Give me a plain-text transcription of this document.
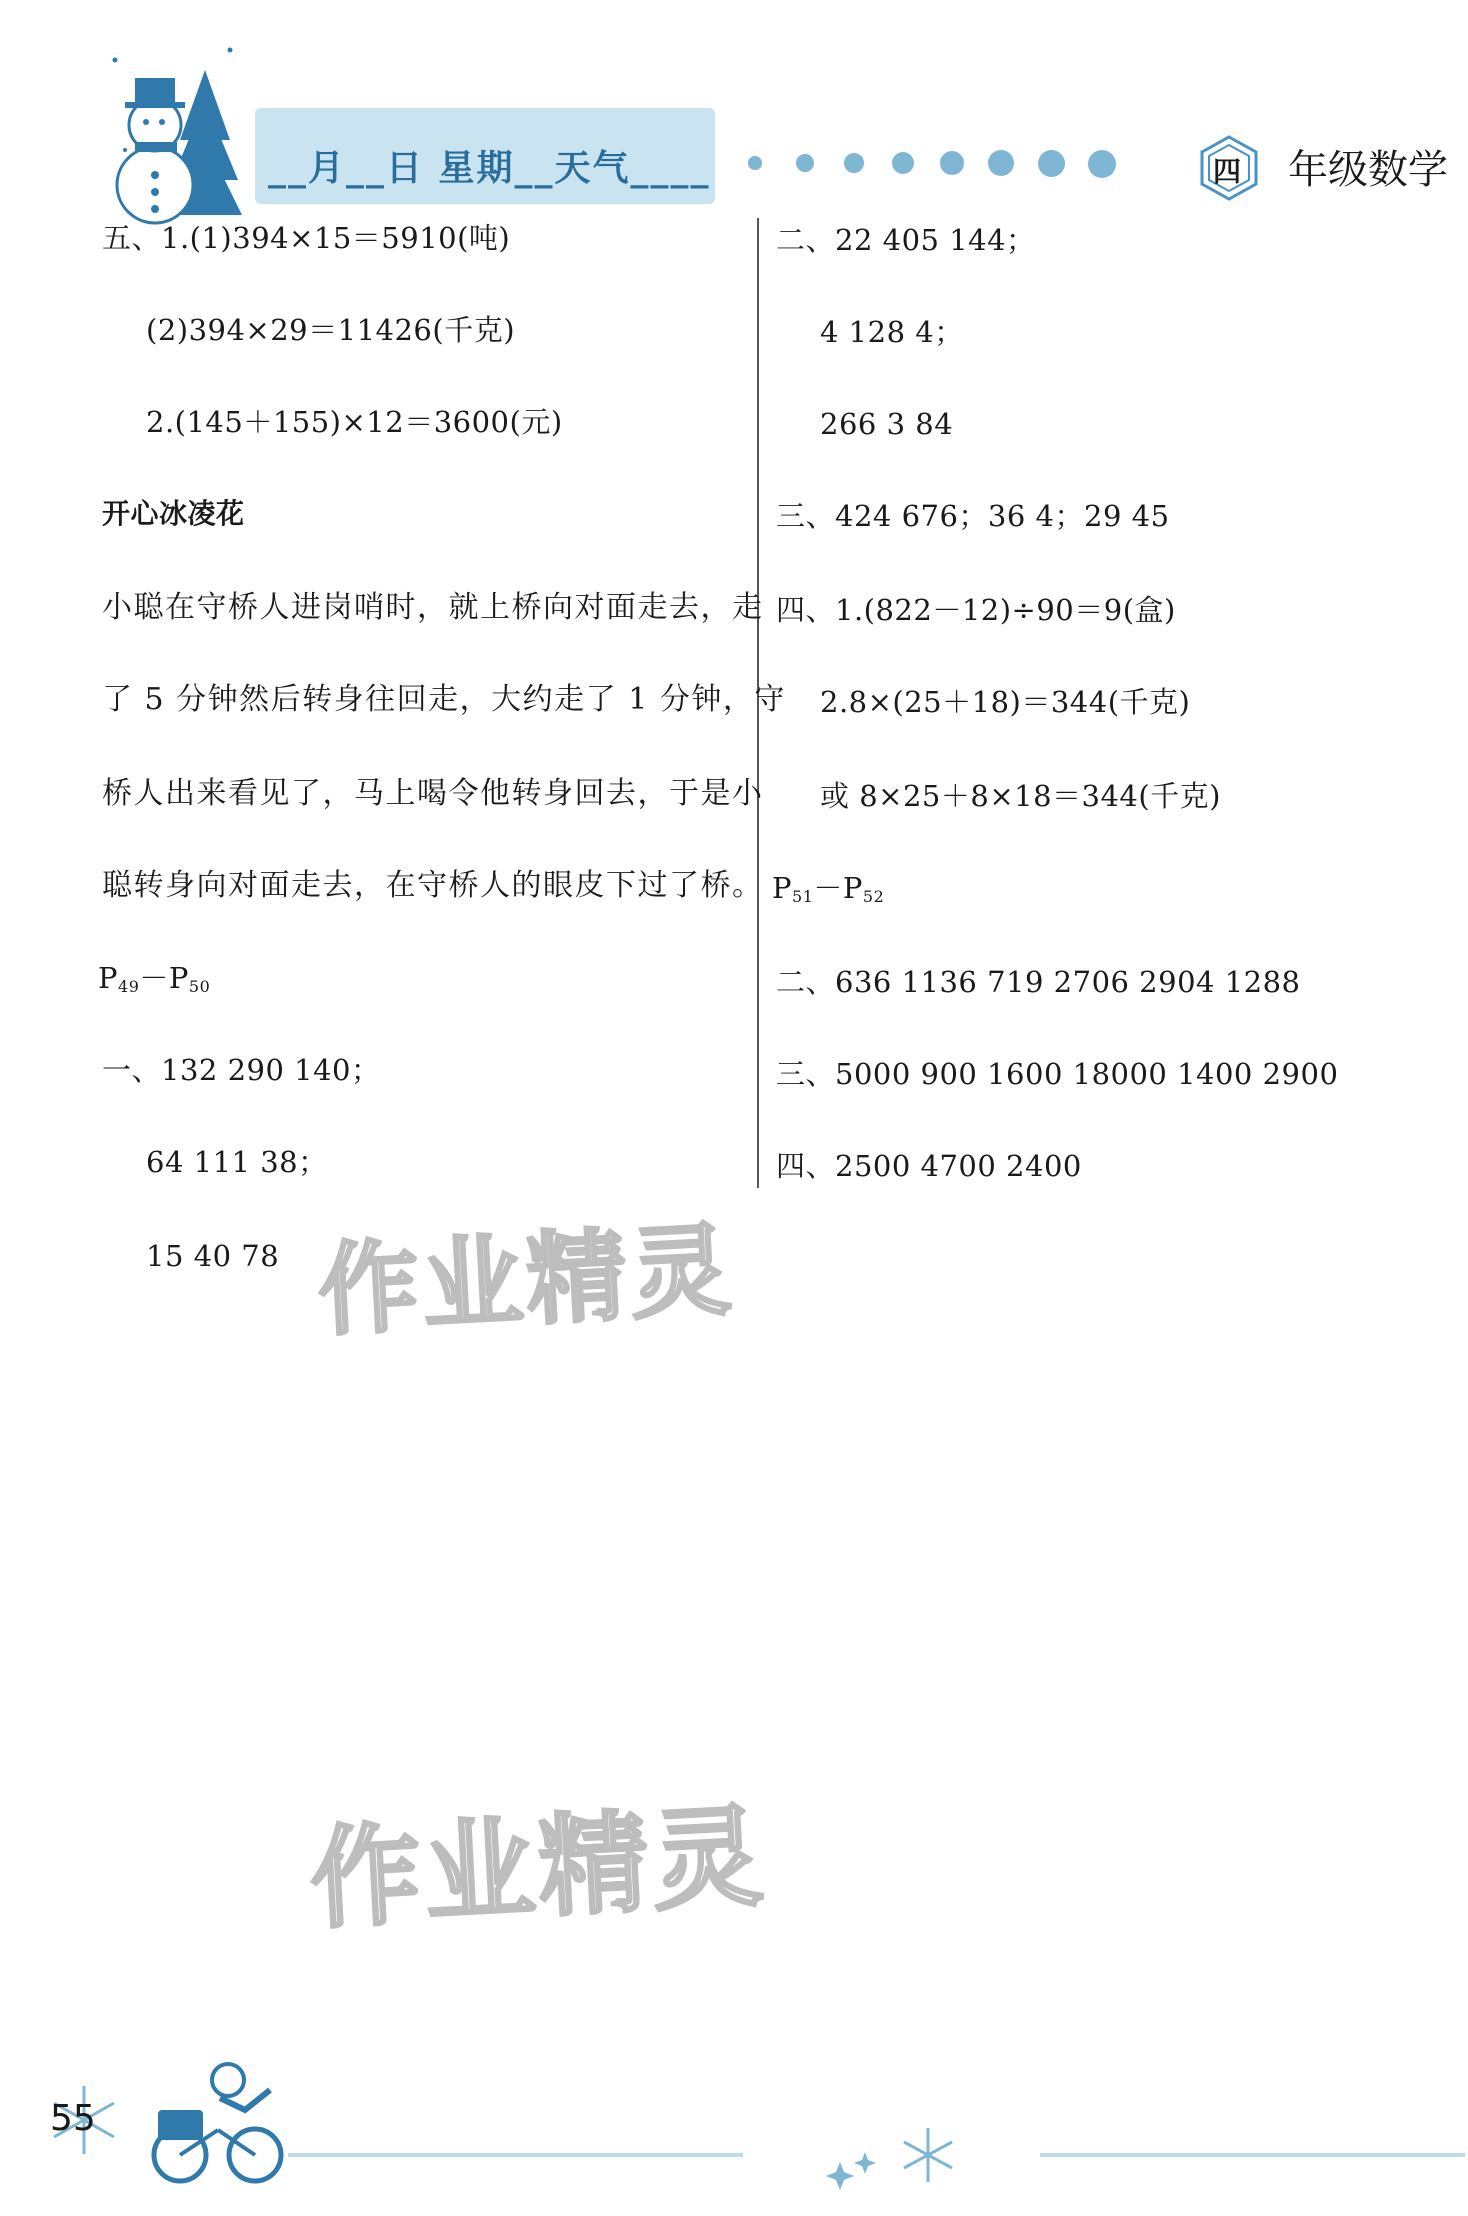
__月__日 星期__天气____	四 年级数学
五、1.(1)394×15＝5910(吨)
(2)394×29＝11426(千克)
2.(145＋155)×12＝3600(元)
开心冰凌花
小聪在守桥人进岗哨时，就上桥向对面走去，走
了 5 分钟然后转身往回走，大约走了 1 分钟，守
桥人出来看见了，马上喝令他转身回去，于是小
聪转身向对面走去，在守桥人的眼皮下过了桥。
$P_{49}-P_{50}$
一、132 290 140；
64 111 38；
15 40 78
二、22 405 144；
4 128 4；
266 3 84
三、424 676；36 4；29 45
四、1.(822－12)÷90＝9(盒)
2.8×(25＋18)＝344(千克)
或 8×25＋8×18＝344(千克)
$P_{51}-P_{52}$
二、636 1136 719 2706 2904 1288
三、5000 900 1600 18000 1400 2900
四、2500 4700 2400
作业精灵
作业精灵
55
